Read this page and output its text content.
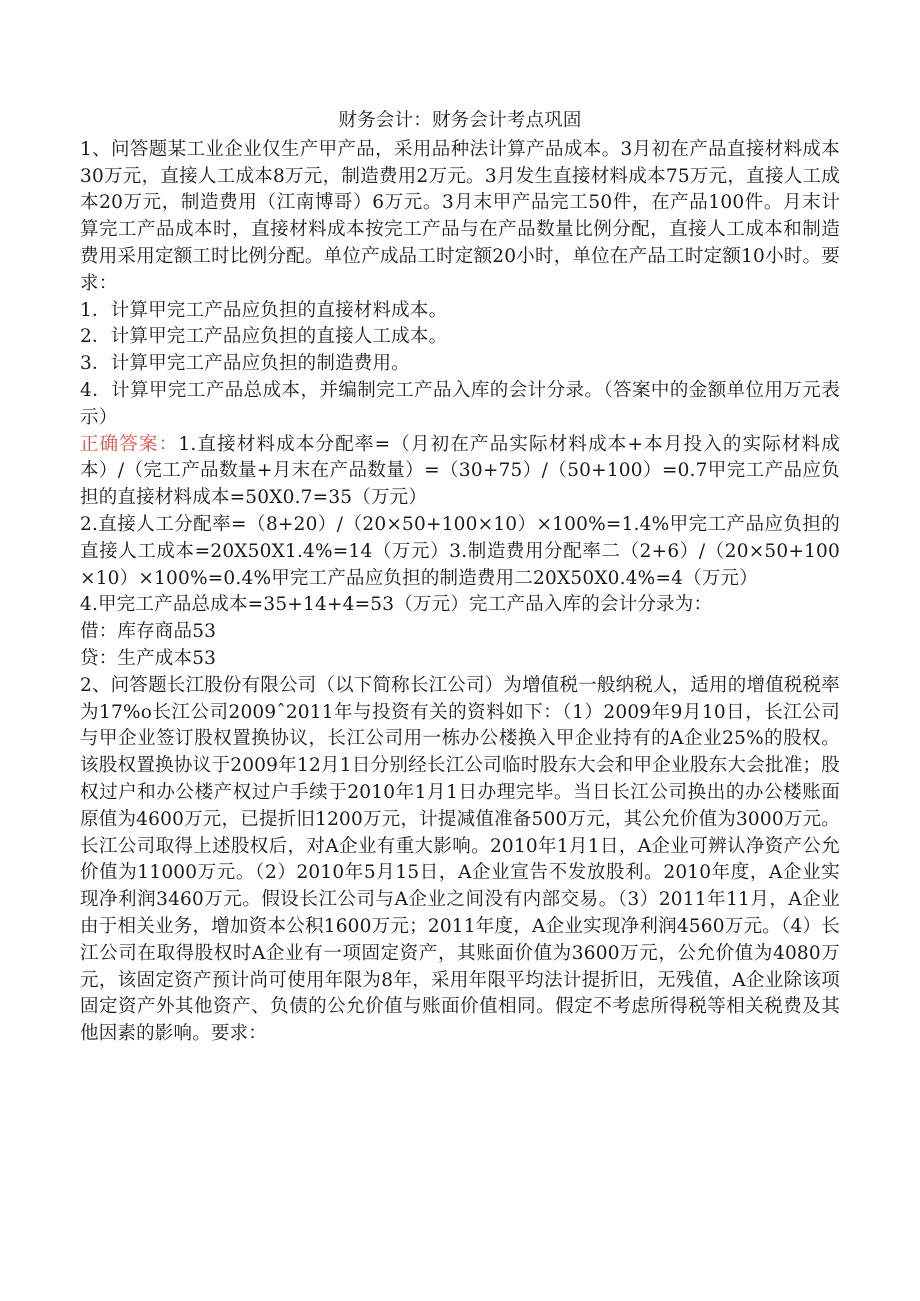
财务会计：财务会计考点巩固

1、问答题某工业企业仅生产甲产品，采用品种法计算产品成本。3月初在产品直接材料成本30万元，直接人工成本8万元，制造费用2万元。3月发生直接材料成本75万元，直接人工成本20万元，制造费用（江南博哥）6万元。3月末甲产品完工50件，在产品100件。月末计算完工产品成本时，直接材料成本按完工产品与在产品数量比例分配，直接人工成本和制造费用采用定额工时比例分配。单位产成品工时定额20小时，单位在产品工时定额10小时。要求：

1．计算甲完工产品应负担的直接材料成本。

2．计算甲完工产品应负担的直接人工成本。

3．计算甲完工产品应负担的制造费用。

4．计算甲完工产品总成本，并编制完工产品入库的会计分录。（答案中的金额单位用万元表示）

正确答案：1.直接材料成本分配率=（月初在产品实际材料成本+本月投入的实际材料成本）/（完工产品数量+月末在产品数量）=（30+75）/（50+100）=0.7甲完工产品应负担的直接材料成本=50X0.7=35（万元）

2.直接人工分配率=（8+20）/（20×50+100×10）×100%=1.4%甲完工产品应负担的直接人工成本=20X50X1.4%=14（万元）3.制造费用分配率二（2+6）/（20×50+100×10）×100%=0.4%甲完工产品应负担的制造费用二20X50X0.4%=4（万元）

4.甲完工产品总成本=35+14+4=53（万元）完工产品入库的会计分录为：

借：库存商品53

贷：生产成本53

2、问答题长江股份有限公司（以下简称长江公司）为增值税一般纳税人，适用的增值税税率为17%o长江公司2009ˆ2011年与投资有关的资料如下：（1）2009年9月10日，长江公司与甲企业签订股权置换协议，长江公司用一栋办公楼换入甲企业持有的A企业25%的股权。该股权置换协议于2009年12月1日分别经长江公司临时股东大会和甲企业股东大会批准；股权过户和办公楼产权过户手续于2010年1月1日办理完毕。当日长江公司换出的办公楼账面原值为4600万元，已提折旧1200万元，计提减值准备500万元，其公允价值为3000万元。长江公司取得上述股权后，对A企业有重大影响。2010年1月1日，A企业可辨认净资产公允价值为11000万元。（2）2010年5月15日，A企业宣告不发放股利。2010年度，A企业实现净利润3460万元。假设长江公司与A企业之间没有内部交易。（3）2011年11月，A企业由于相关业务，增加资本公积1600万元；2011年度，A企业实现净利润4560万元。（4）长江公司在取得股权时A企业有一项固定资产，其账面价值为3600万元，公允价值为4080万元，该固定资产预计尚可使用年限为8年，采用年限平均法计提折旧，无残值，A企业除该项固定资产外其他资产、负债的公允价值与账面价值相同。假定不考虑所得税等相关税费及其他因素的影响。要求：
